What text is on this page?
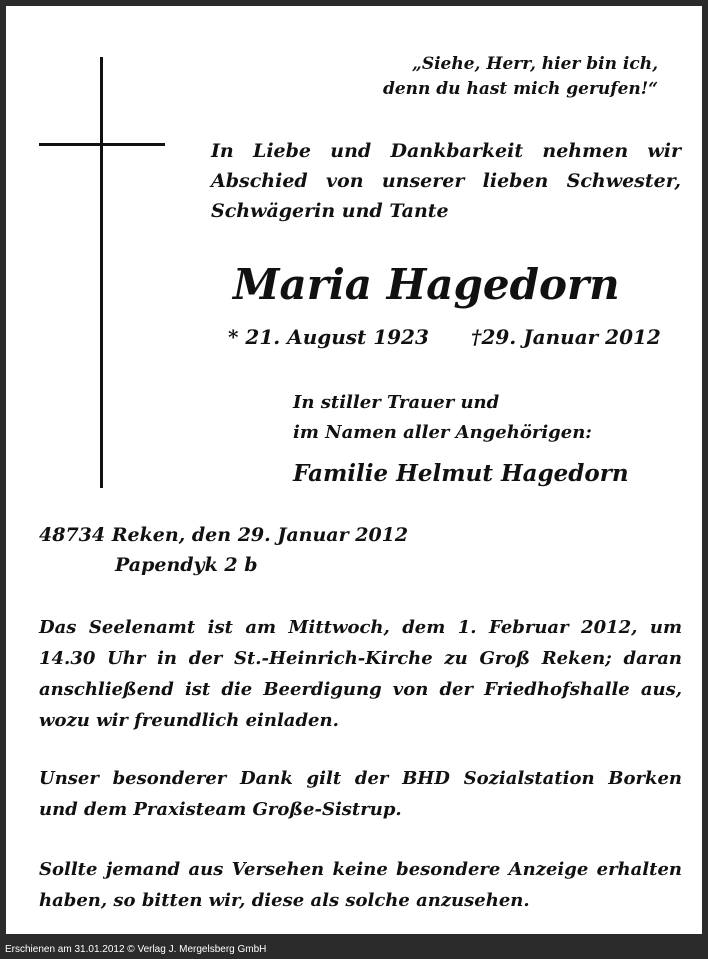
„Siehe, Herr, hier bin ich,
denn du hast mich gerufen!“
In Liebe und Dankbarkeit nehmen wir
Abschied von unserer lieben Schwester,
Schwägerin und Tante
Maria Hagedorn
* 21. August 1923 †29. Januar 2012
In stiller Trauer und
im Namen aller Angehörigen:
Familie Helmut Hagedorn
48734 Reken, den 29. Januar 2012
Papendyk 2 b
Das Seelenamt ist am Mittwoch, dem 1. Februar 2012, um
14.30 Uhr in der St.-Heinrich-Kirche zu Groß Reken; daran
anschließend ist die Beerdigung von der Friedhofshalle aus,
wozu wir freundlich einladen.
Unser besonderer Dank gilt der BHD Sozialstation Borken
und dem Praxisteam Große-Sistrup.
Sollte jemand aus Versehen keine besondere Anzeige erhalten
haben, so bitten wir, diese als solche anzusehen.
Erschienen am 31.01.2012 © Verlag J. Mergelsberg GmbH
